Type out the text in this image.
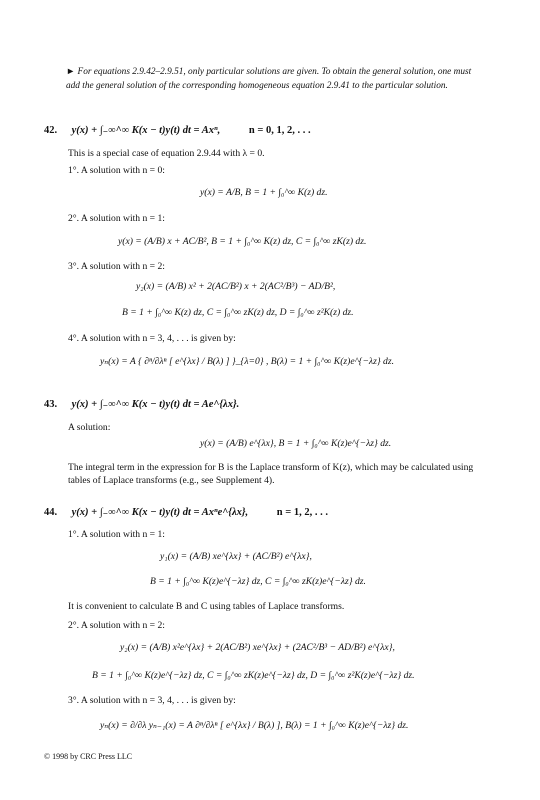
► For equations 2.9.42–2.9.51, only particular solutions are given. To obtain the general solution, one must add the general solution of the corresponding homogeneous equation 2.9.41 to the particular solution.
42. y(x) + ∫₋∞^∞ K(x − t)y(t) dt = Axⁿ,	n = 0, 1, 2, . . .
This is a special case of equation 2.9.44 with λ = 0.
1°. A solution with n = 0:
y(x) = A/B, B = 1 + ∫₀^∞ K(z) dz.
2°. A solution with n = 1:
y(x) = (A/B) x + AC/B², B = 1 + ∫₀^∞ K(z) dz, C = ∫₀^∞ zK(z) dz.
3°. A solution with n = 2:
y₂(x) = (A/B) x² + 2(AC/B²) x + 2(AC²/B³) − AD/B²,
B = 1 + ∫₀^∞ K(z) dz, C = ∫₀^∞ zK(z) dz, D = ∫₀^∞ z²K(z) dz.
4°. A solution with n = 3, 4, . . . is given by:
yₙ(x) = A { ∂ⁿ/∂λⁿ [ e^{λx} / B(λ) ] }_{λ=0} , B(λ) = 1 + ∫₀^∞ K(z)e^{−λz} dz.
43. y(x) + ∫₋∞^∞ K(x − t)y(t) dt = Ae^{λx}.
A solution:
y(x) = (A/B) e^{λx}, B = 1 + ∫₀^∞ K(z)e^{−λz} dz.
The integral term in the expression for B is the Laplace transform of K(z), which may be calculated using tables of Laplace transforms (e.g., see Supplement 4).
44. y(x) + ∫₋∞^∞ K(x − t)y(t) dt = Axⁿe^{λx},	n = 1, 2, . . .
1°. A solution with n = 1:
y₁(x) = (A/B) xe^{λx} + (AC/B²) e^{λx},
B = 1 + ∫₀^∞ K(z)e^{−λz} dz, C = ∫₀^∞ zK(z)e^{−λz} dz.
It is convenient to calculate B and C using tables of Laplace transforms.
2°. A solution with n = 2:
y₂(x) = (A/B) x²e^{λx} + 2(AC/B²) xe^{λx} + (2AC²/B³ − AD/B²) e^{λx},
B = 1 + ∫₀^∞ K(z)e^{−λz} dz, C = ∫₀^∞ zK(z)e^{−λz} dz, D = ∫₀^∞ z²K(z)e^{−λz} dz.
3°. A solution with n = 3, 4, . . . is given by:
yₙ(x) = ∂/∂λ yₙ₋₁(x) = A ∂ⁿ/∂λⁿ [ e^{λx} / B(λ) ], B(λ) = 1 + ∫₀^∞ K(z)e^{−λz} dz.
© 1998 by CRC Press LLC
